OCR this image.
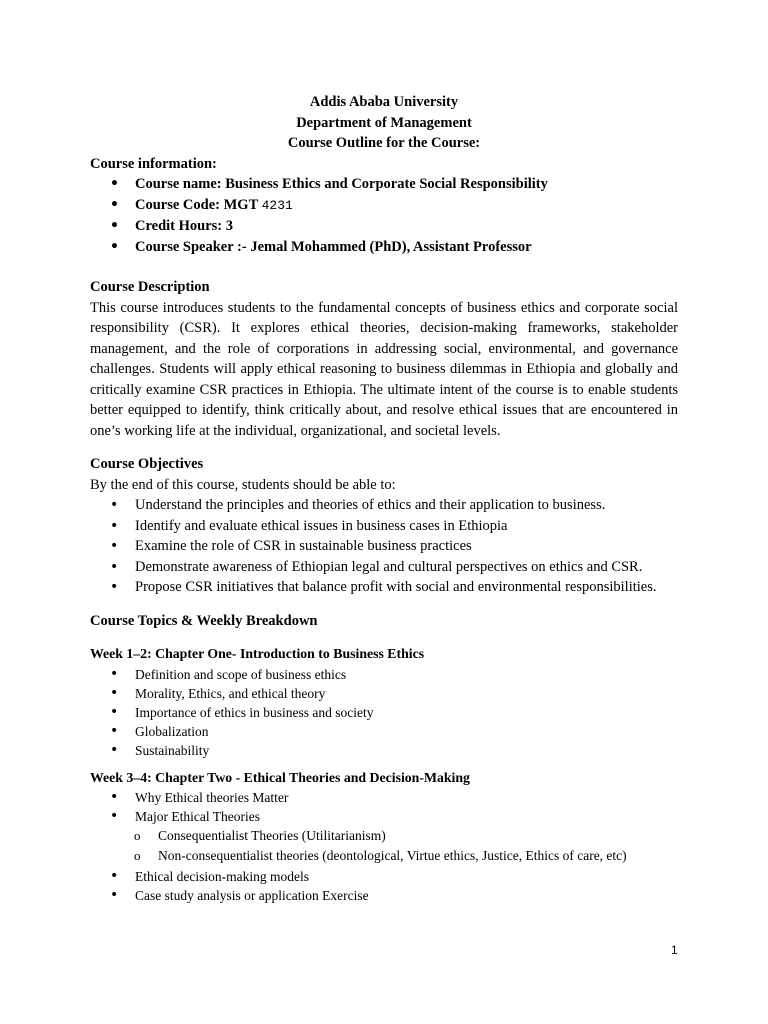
Addis Ababa University
Department of Management
Course Outline for the Course:
Course information:
• Course name: Business Ethics and Corporate Social Responsibility
• Course Code: MGT 4231
• Credit Hours: 3
• Course Speaker :- Jemal Mohammed (PhD), Assistant Professor
Course Description
This course introduces students to the fundamental concepts of business ethics and corporate social responsibility (CSR). It explores ethical theories, decision-making frameworks, stakeholder management, and the role of corporations in addressing social, environmental, and governance challenges. Students will apply ethical reasoning to business dilemmas in Ethiopia and globally and critically examine CSR practices in Ethiopia. The ultimate intent of the course is to enable students better equipped to identify, think critically about, and resolve ethical issues that are encountered in one’s working life at the individual, organizational, and societal levels.
Course Objectives
By the end of this course, students should be able to:
• Understand the principles and theories of ethics and their application to business.
• Identify and evaluate ethical issues in business cases in Ethiopia
• Examine the role of CSR in sustainable business practices
• Demonstrate awareness of Ethiopian legal and cultural perspectives on ethics and CSR.
• Propose CSR initiatives that balance profit with social and environmental responsibilities.
Course Topics & Weekly Breakdown
Week 1–2: Chapter One- Introduction to Business Ethics
• Definition and scope of business ethics
• Morality, Ethics, and ethical theory
• Importance of ethics in business and society
• Globalization
• Sustainability
Week 3–4: Chapter Two - Ethical Theories and Decision-Making
• Why Ethical theories Matter
• Major Ethical Theories
o Consequentialist Theories (Utilitarianism)
o Non-consequentialist theories (deontological, Virtue ethics, Justice, Ethics of care, etc)
• Ethical decision-making models
• Case study analysis or application Exercise
1
